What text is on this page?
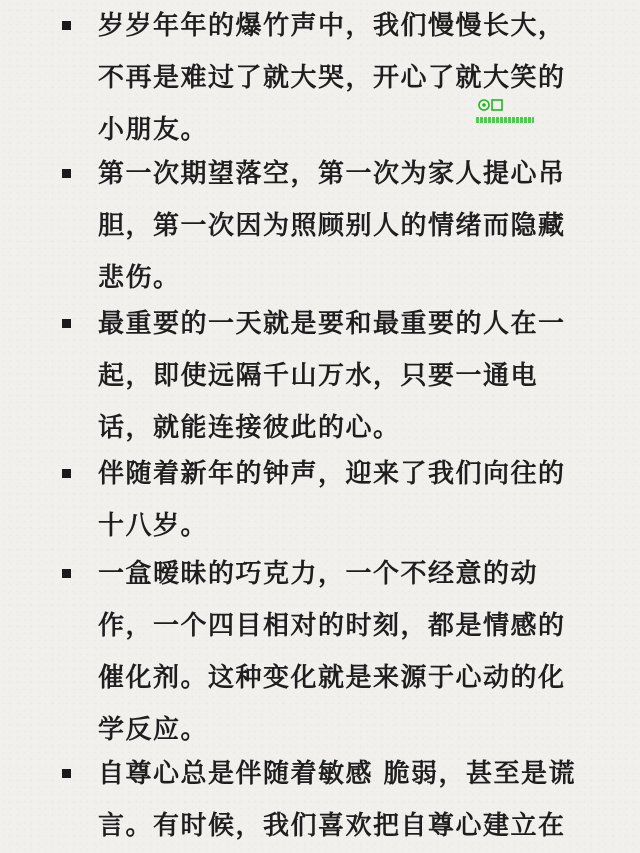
岁岁年年的爆竹声中，我们慢慢长大，
不再是难过了就大哭，开心了就大笑的
小朋友。
第一次期望落空，第一次为家人提心吊
胆，第一次因为照顾别人的情绪而隐藏
悲伤。
最重要的一天就是要和最重要的人在一
起，即使远隔千山万水，只要一通电
话，就能连接彼此的心。
伴随着新年的钟声，迎来了我们向往的
十八岁。
一盒暧昧的巧克力，一个不经意的动
作，一个四目相对的时刻，都是情感的
催化剂。这种变化就是来源于心动的化
学反应。
自尊心总是伴随着敏感 脆弱，甚至是谎
言。有时候，我们喜欢把自尊心建立在
